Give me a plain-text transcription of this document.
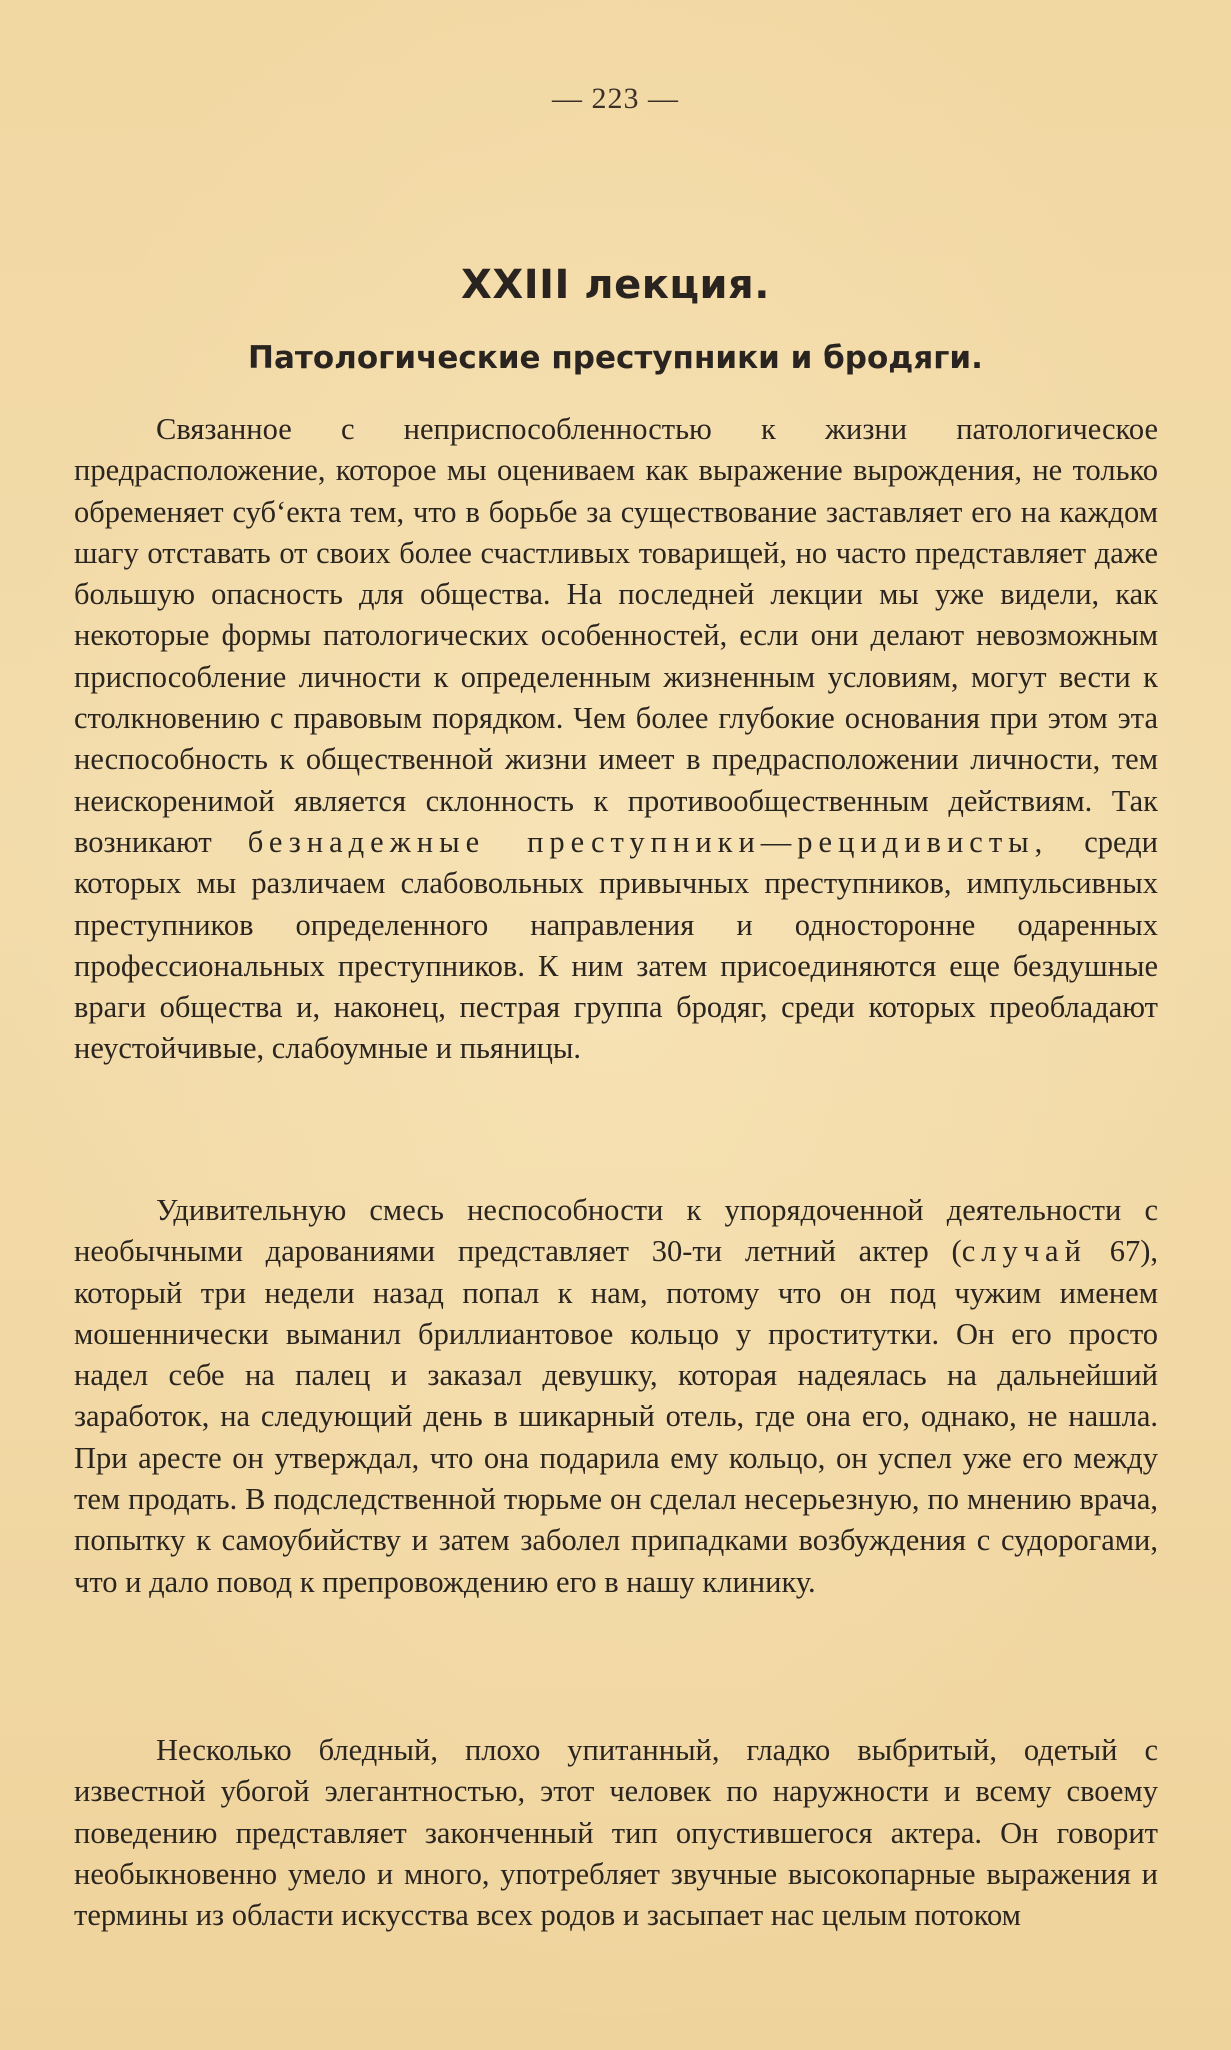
— 223 —
XXIII лекция.
Патологические преступники и бродяги.

Связанное с неприспособленностью к жизни патологическое предрасположение, которое мы оцениваем как выражение вырождения, не только обременяет суб‘екта тем, что в борьбе за существование заставляет его на каждом шагу отставать от своих более счастливых товарищей, но часто представляет даже большую опасность для общества. На последней лекции мы уже видели, как некоторые формы патологических особенностей, если они делают невозможным приспособление личности к определенным жизненным условиям, могут вести к столкновению с правовым порядком. Чем более глубокие основания при этом эта неспособность к общественной жизни имеет в предрасположении личности, тем неискоренимой является склонность к противообщественным действиям. Так возникают безнадежные преступники—рецидивисты, среди которых мы различаем слабовольных привычных преступников, импульсивных преступников определенного направления и односторонне одаренных профессиональных преступников. К ним затем присоединяются еще бездушные враги общества и, наконец, пестрая группа бродяг, среди которых преобладают неустойчивые, слабоумные и пьяницы.

Удивительную смесь неспособности к упорядоченной деятельности с необычными дарованиями представляет 30-ти летний актер (случай 67), который три недели назад попал к нам, потому что он под чужим именем мошеннически выманил бриллиантовое кольцо у проститутки. Он его просто надел себе на палец и заказал девушку, которая надеялась на дальнейший заработок, на следующий день в шикарный отель, где она его, однако, не нашла. При аресте он утверждал, что она подарила ему кольцо, он успел уже его между тем продать. В подследственной тюрьме он сделал несерьезную, по мнению врача, попытку к самоубийству и затем заболел припадками возбуждения с судорогами, что и дало повод к препровождению его в нашу клинику.

Несколько бледный, плохо упитанный, гладко выбритый, одетый с известной убогой элегантностью, этот человек по наружности и всему своему поведению представляет законченный тип опустившегося актера. Он говорит необыкновенно умело и много, употребляет звучные высокопарные выражения и термины из области искусства всех родов и засыпает нас целым потоком
